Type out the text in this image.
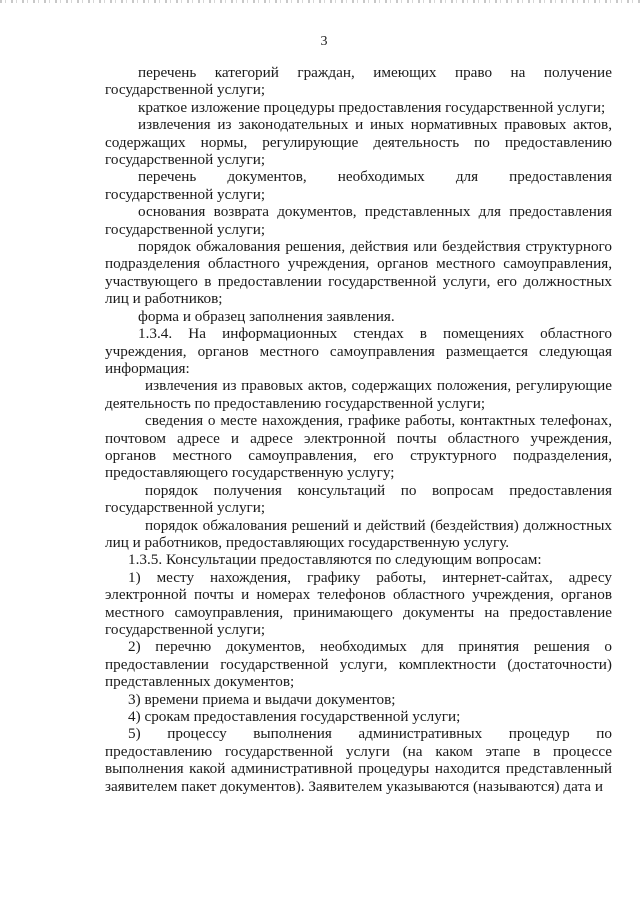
3
перечень категорий граждан, имеющих право на получение

государственной услуги;

краткое изложение процедуры предоставления государственной услуги;

извлечения из законодательных и иных нормативных правовых актов, содержащих нормы, регулирующие деятельность по предоставлению государственной услуги;

перечень документов, необходимых для предоставления

государственной услуги;

основания возврата документов, представленных для предоставления государственной услуги;

порядок обжалования решения, действия или бездействия структурного подразделения областного учреждения, органов местного самоуправления, участвующего в предоставлении государственной услуги, его должностных лиц и работников;

форма и образец заполнения заявления.

1.3.4. На информационных стендах в помещениях областного учреждения, органов местного самоуправления размещается следующая информация:

извлечения из правовых актов, содержащих положения, регулирующие деятельность по предоставлению государственной услуги;

сведения о месте нахождения, графике работы, контактных телефонах, почтовом адресе и адресе электронной почты областного учреждения, органов местного самоуправления, его структурного подразделения, предоставляющего государственную услугу;

порядок получения консультаций по вопросам предоставления государственной услуги;

порядок обжалования решений и действий (бездействия) должностных лиц и работников, предоставляющих государственную услугу.

1.3.5. Консультации предоставляются по следующим вопросам:

1) месту нахождения, графику работы, интернет-сайтах, адресу электронной почты и номерах телефонов областного учреждения, органов местного самоуправления, принимающего документы на предоставление государственной услуги;

2) перечню документов, необходимых для принятия решения о предоставлении государственной услуги, комплектности (достаточности) представленных документов;

3) времени приема и выдачи документов;

4) срокам предоставления государственной услуги;

5) процессу выполнения административных процедур по

предоставлению государственной услуги (на каком этапе в процессе выполнения какой административной процедуры находится представленный заявителем пакет документов). Заявителем указываются (называются) дата и
